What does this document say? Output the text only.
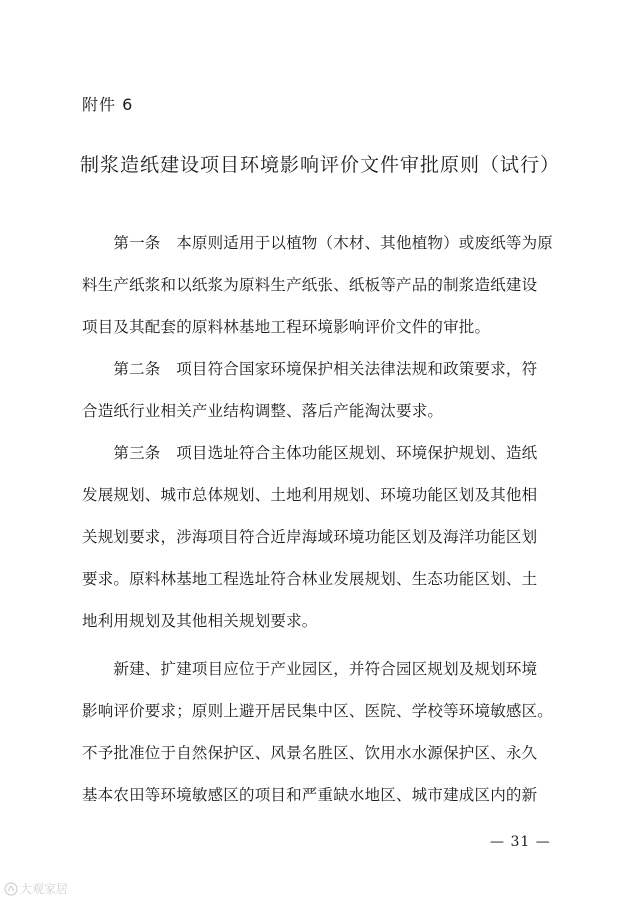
附件 6
制浆造纸建设项目环境影响评价文件审批原则（试行）
　　第一条　本原则适用于以植物（木材、其他植物）或废纸等为原
料生产纸浆和以纸浆为原料生产纸张、纸板等产品的制浆造纸建设
项目及其配套的原料林基地工程环境影响评价文件的审批。
　　第二条　项目符合国家环境保护相关法律法规和政策要求，符
合造纸行业相关产业结构调整、落后产能淘汰要求。
　　第三条　项目选址符合主体功能区规划、环境保护规划、造纸
发展规划、城市总体规划、土地利用规划、环境功能区划及其他相
关规划要求，涉海项目符合近岸海域环境功能区划及海洋功能区划
要求。原料林基地工程选址符合林业发展规划、生态功能区划、土
地利用规划及其他相关规划要求。
　　新建、扩建项目应位于产业园区，并符合园区规划及规划环境
影响评价要求；原则上避开居民集中区、医院、学校等环境敏感区。
不予批准位于自然保护区、风景名胜区、饮用水水源保护区、永久
基本农田等环境敏感区的项目和严重缺水地区、城市建成区内的新
— 31 —
大观家居
